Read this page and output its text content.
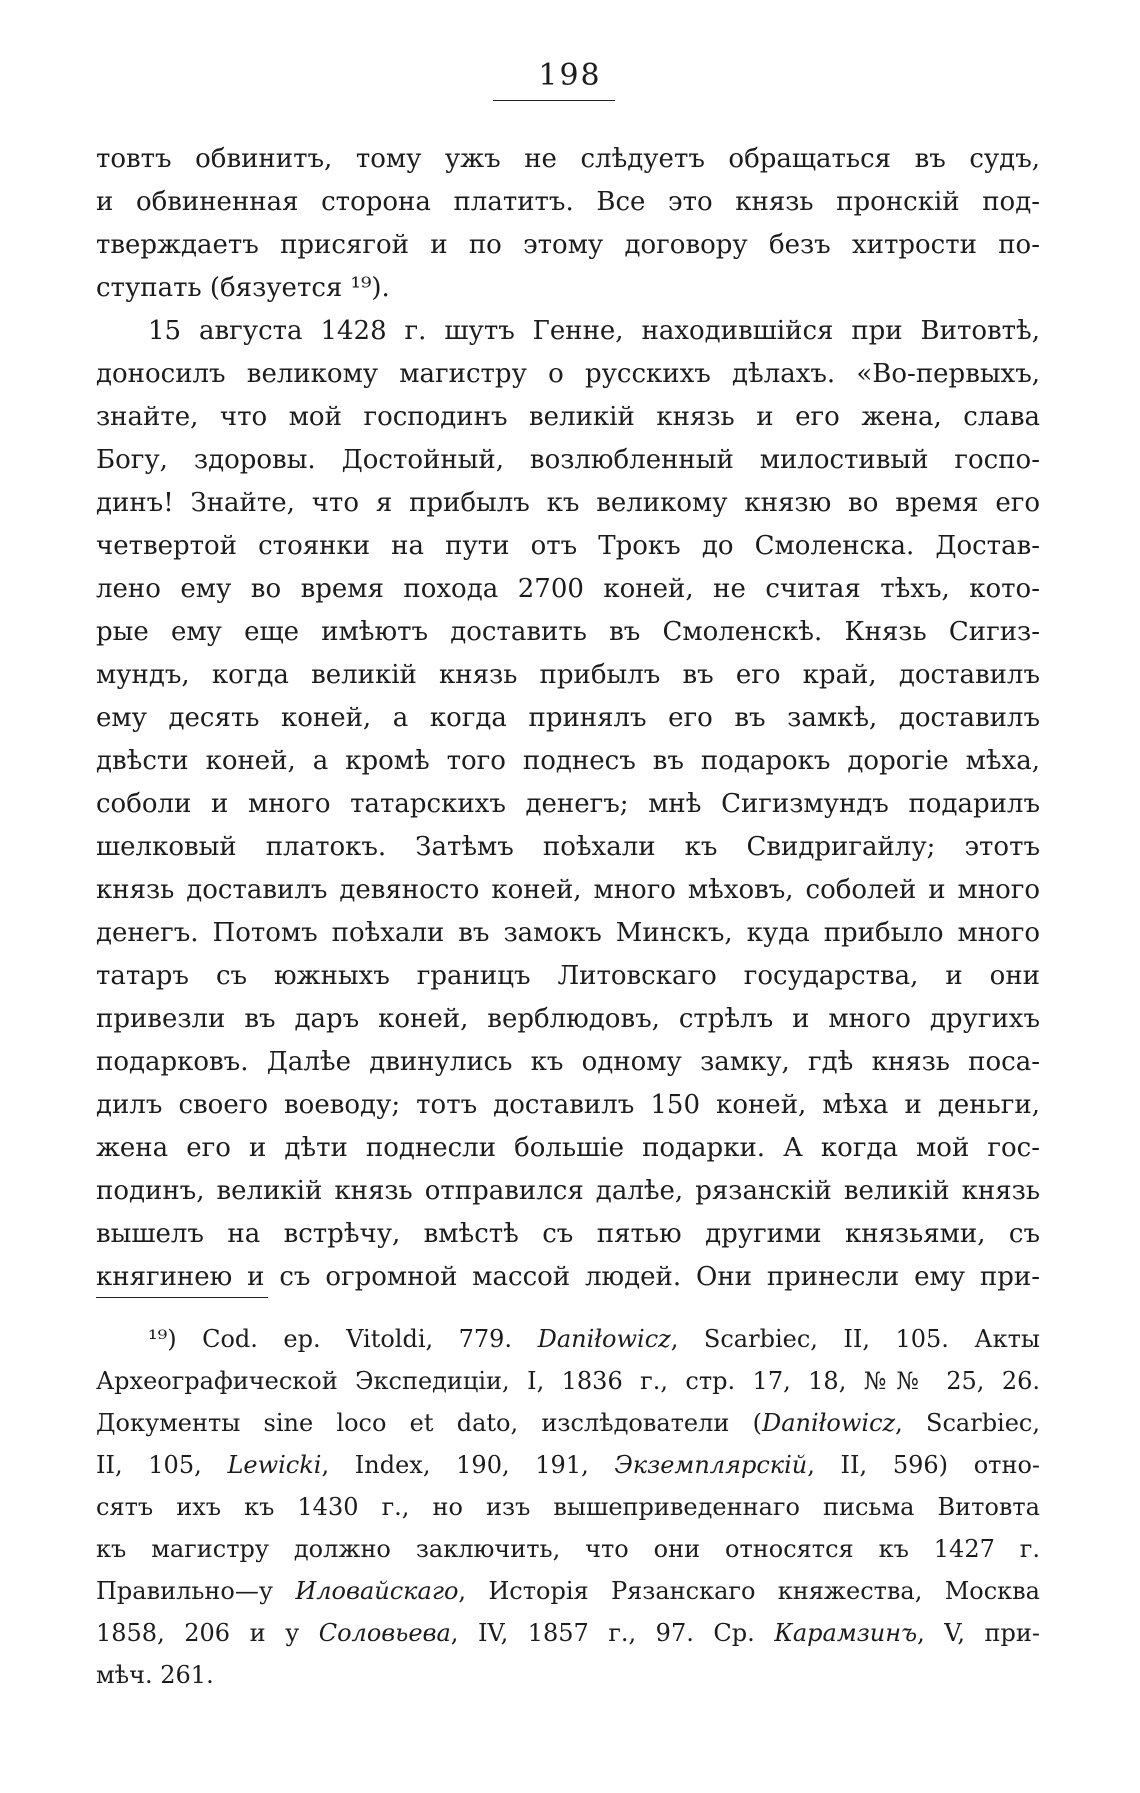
198
товтъ обвинитъ, тому ужъ не слѣдуетъ обращаться въ судъ,
и обвиненная сторона платитъ. Все это князь пронскій под-
тверждаетъ присягой и по этому договору безъ хитрости по-
ступать (бязуется ¹⁹).
15 августа 1428 г. шутъ Генне, находившійся при Витовтѣ,
доносилъ великому магистру о русскихъ дѣлахъ. «Во-первыхъ,
знайте, что мой господинъ великій князь и его жена, слава
Богу, здоровы. Достойный, возлюбленный милостивый госпо-
динъ! Знайте, что я прибылъ къ великому князю во время его
четвертой стоянки на пути отъ Трокъ до Смоленска. Достав-
лено ему во время похода 2700 коней, не считая тѣхъ, кото-
рые ему еще имѣютъ доставить въ Смоленскѣ. Князь Сигиз-
мундъ, когда великій князь прибылъ въ его край, доставилъ
ему десять коней, а когда принялъ его въ замкѣ, доставилъ
двѣсти коней, а кромѣ того поднесъ въ подарокъ дорогіе мѣха,
соболи и много татарскихъ денегъ; мнѣ Сигизмундъ подарилъ
шелковый платокъ. Затѣмъ поѣхали къ Свидригайлу; этотъ
князь доставилъ девяносто коней, много мѣховъ, соболей и много
денегъ. Потомъ поѣхали въ замокъ Минскъ, куда прибыло много
татаръ съ южныхъ границъ Литовскаго государства, и они
привезли въ даръ коней, верблюдовъ, стрѣлъ и много другихъ
подарковъ. Далѣе двинулись къ одному замку, гдѣ князь поса-
дилъ своего воеводу; тотъ доставилъ 150 коней, мѣха и деньги,
жена его и дѣти поднесли большіе подарки. А когда мой гос-
подинъ, великій князь отправился далѣе, рязанскій великій князь
вышелъ на встрѣчу, вмѣстѣ съ пятью другими князьями, съ
княгинею и съ огромной массой людей. Они принесли ему при-
¹⁹) Cod. ep. Vitoldi, 779. Daniłowicz, Scarbiec, II, 105. Акты
Археографической Экспедиціи, I, 1836 г., стр. 17, 18, №№ 25, 26.
Документы sine loco et dato, изслѣдователи (Daniłowicz, Scarbiec,
II, 105, Lewicki, Index, 190, 191, Экземплярскій, II, 596) отно-
сятъ ихъ къ 1430 г., но изъ вышеприведеннаго письма Витовта
къ магистру должно заключить, что они относятся къ 1427 г.
Правильно—у Иловайскаго, Исторія Рязанскаго княжества, Москва
1858, 206 и у Соловьева, IV, 1857 г., 97. Ср. Карамзинъ, V, при-
мѣч. 261.
